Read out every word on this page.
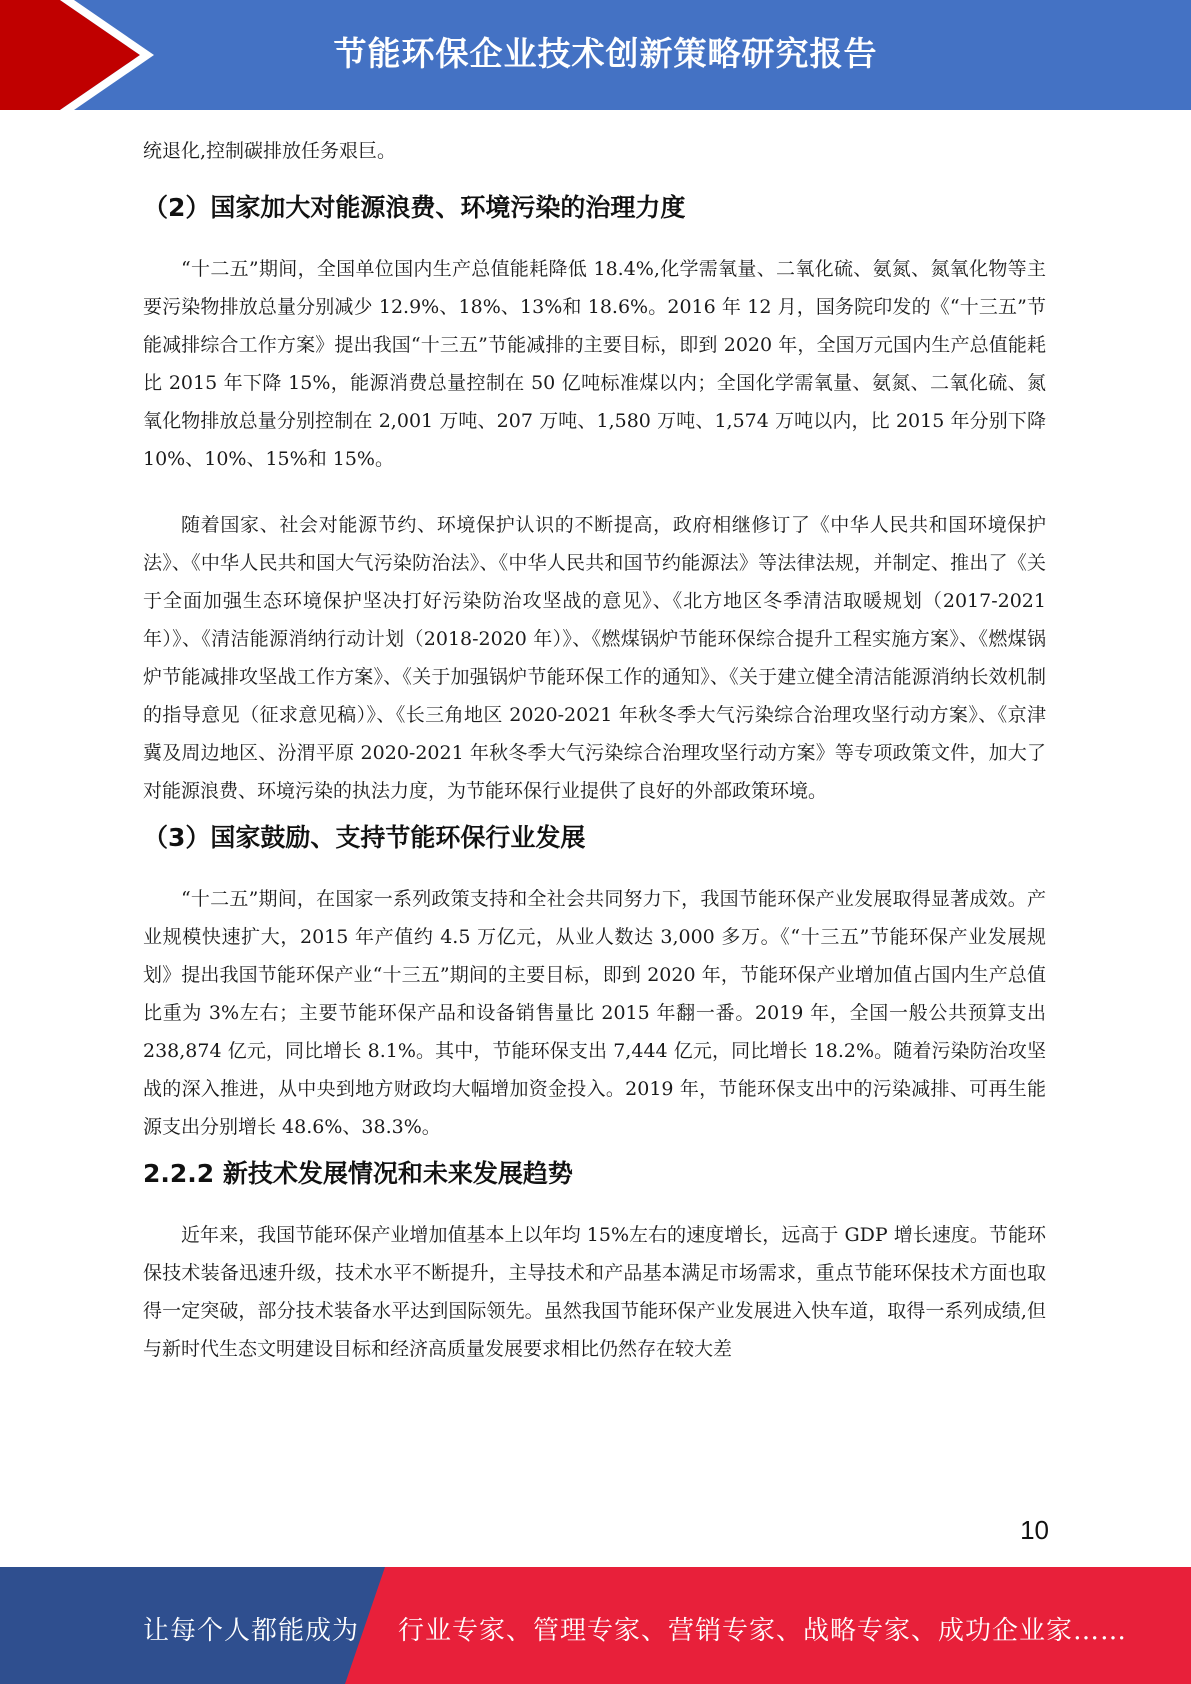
节能环保企业技术创新策略研究报告

统退化,控制碳排放任务艰巨。

（2）国家加大对能源浪费、环境污染的治理力度

“十二五”期间，全国单位国内生产总值能耗降低 18.4%,化学需氧量、二氧化硫、氨氮、氮氧化物等主要污染物排放总量分别减少 12.9%、18%、13%和 18.6%。2016 年 12 月，国务院印发的《“十三五”节能减排综合工作方案》提出我国“十三五”节能减排的主要目标，即到 2020 年，全国万元国内生产总值能耗比 2015 年下降 15%，能源消费总量控制在 50 亿吨标准煤以内；全国化学需氧量、氨氮、二氧化硫、氮氧化物排放总量分别控制在 2,001 万吨、207 万吨、1,580 万吨、1,574 万吨以内，比 2015 年分别下降 10%、10%、15%和 15%。

随着国家、社会对能源节约、环境保护认识的不断提高，政府相继修订了《中华人民共和国环境保护法》、《中华人民共和国大气污染防治法》、《中华人民共和国节约能源法》等法律法规，并制定、推出了《关于全面加强生态环境保护坚决打好污染防治攻坚战的意见》、《北方地区冬季清洁取暖规划（2017-2021 年）》、《清洁能源消纳行动计划（2018-2020 年）》、《燃煤锅炉节能环保综合提升工程实施方案》、《燃煤锅炉节能减排攻坚战工作方案》、《关于加强锅炉节能环保工作的通知》、《关于建立健全清洁能源消纳长效机制的指导意见（征求意见稿）》、《长三角地区 2020-2021 年秋冬季大气污染综合治理攻坚行动方案》、《京津冀及周边地区、汾渭平原 2020-2021 年秋冬季大气污染综合治理攻坚行动方案》等专项政策文件，加大了对能源浪费、环境污染的执法力度，为节能环保行业提供了良好的外部政策环境。

（3）国家鼓励、支持节能环保行业发展

“十二五”期间，在国家一系列政策支持和全社会共同努力下，我国节能环保产业发展取得显著成效。产业规模快速扩大，2015 年产值约 4.5 万亿元，从业人数达 3,000 多万。《“十三五”节能环保产业发展规划》提出我国节能环保产业“十三五”期间的主要目标，即到 2020 年，节能环保产业增加值占国内生产总值比重为 3%左右；主要节能环保产品和设备销售量比 2015 年翻一番。2019 年，全国一般公共预算支出 238,874 亿元，同比增长 8.1%。其中，节能环保支出 7,444 亿元，同比增长 18.2%。随着污染防治攻坚战的深入推进，从中央到地方财政均大幅增加资金投入。2019 年，节能环保支出中的污染减排、可再生能源支出分别增长 48.6%、38.3%。

2.2.2 新技术发展情况和未来发展趋势

近年来，我国节能环保产业增加值基本上以年均 15%左右的速度增长，远高于 GDP 增长速度。节能环保技术装备迅速升级，技术水平不断提升，主导技术和产品基本满足市场需求，重点节能环保技术方面也取得一定突破，部分技术装备水平达到国际领先。虽然我国节能环保产业发展进入快车道，取得一系列成绩,但与新时代生态文明建设目标和经济高质量发展要求相比仍然存在较大差

10
让每个人都能成为 行业专家、管理专家、营销专家、战略专家、成功企业家……
